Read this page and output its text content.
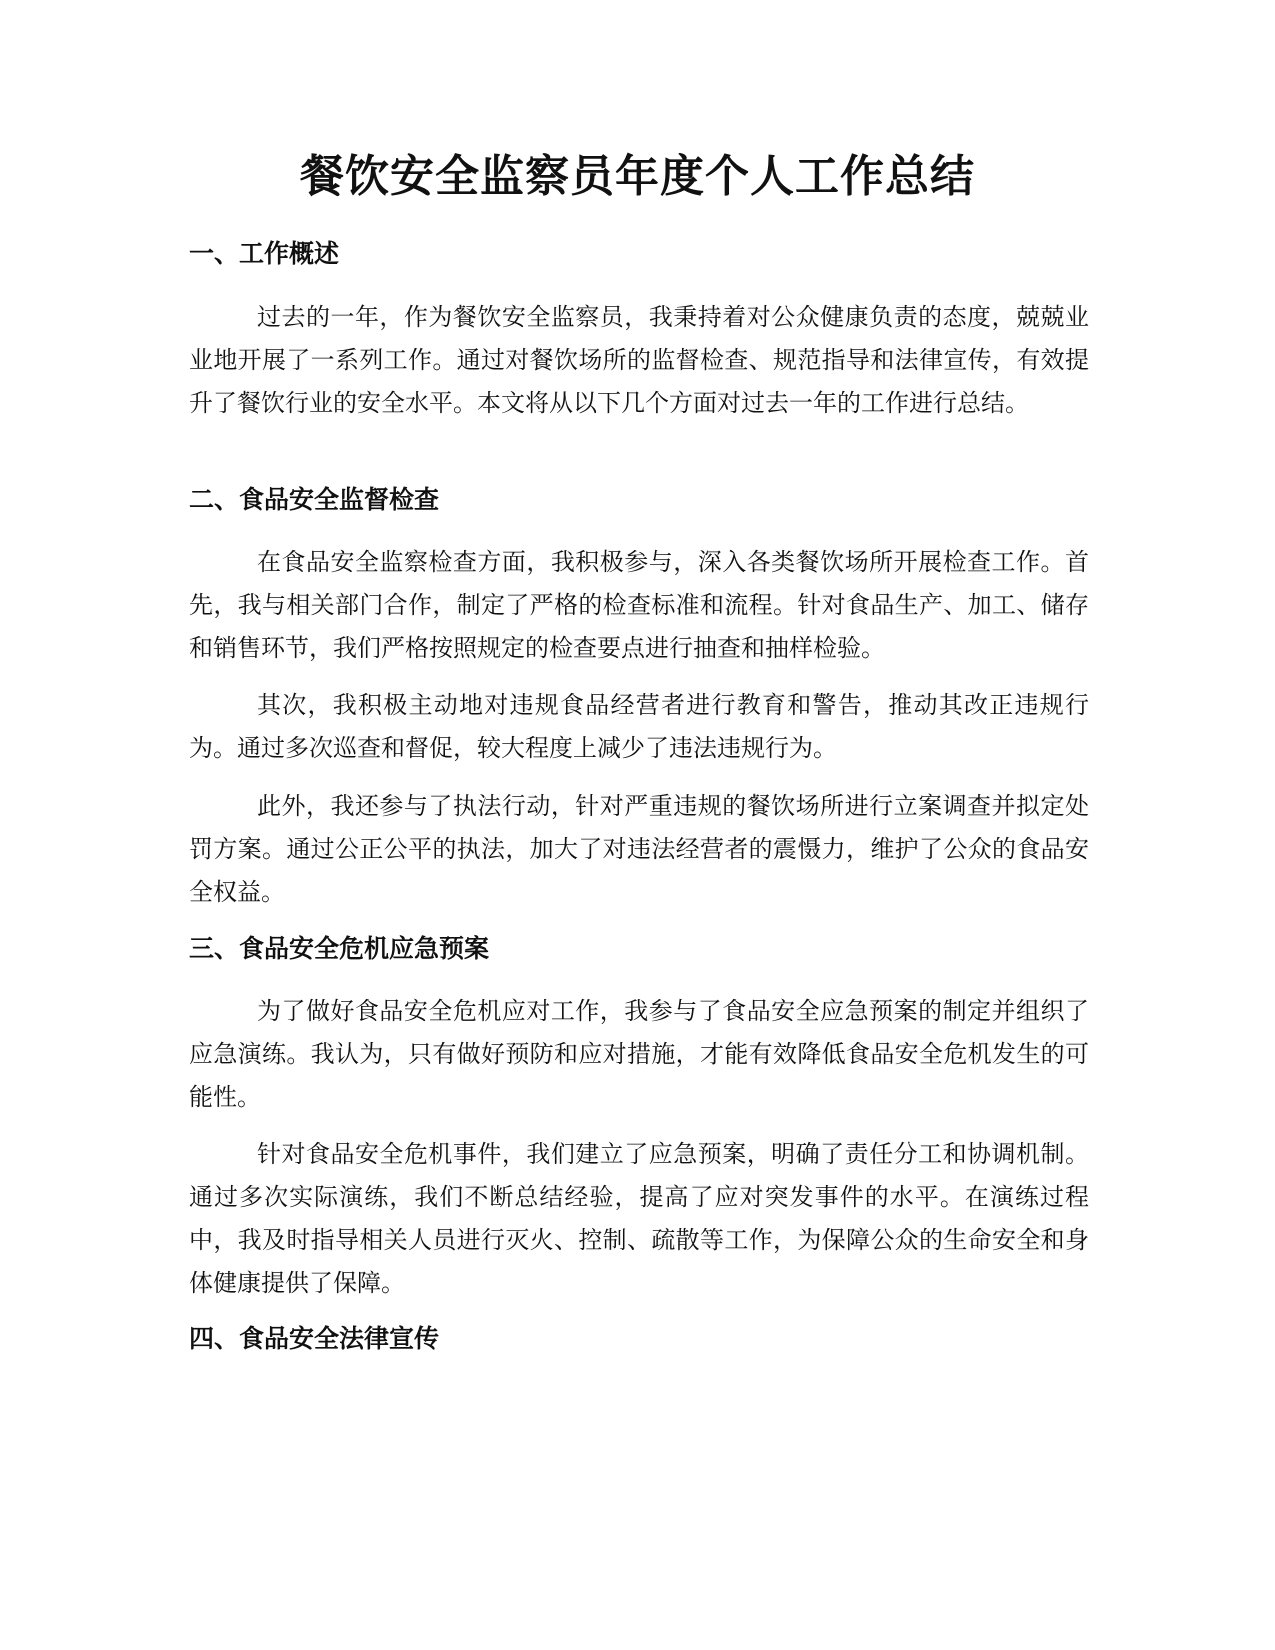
餐饮安全监察员年度个人工作总结
一、工作概述

过去的一年，作为餐饮安全监察员，我秉持着对公众健康负责的态度，兢兢业业地开展了一系列工作。通过对餐饮场所的监督检查、规范指导和法律宣传，有效提升了餐饮行业的安全水平。本文将从以下几个方面对过去一年的工作进行总结。

二、食品安全监督检查

在食品安全监察检查方面，我积极参与，深入各类餐饮场所开展检查工作。首先，我与相关部门合作，制定了严格的检查标准和流程。针对食品生产、加工、储存和销售环节，我们严格按照规定的检查要点进行抽查和抽样检验。

其次，我积极主动地对违规食品经营者进行教育和警告，推动其改正违规行为。通过多次巡查和督促，较大程度上减少了违法违规行为。

此外，我还参与了执法行动，针对严重违规的餐饮场所进行立案调查并拟定处罚方案。通过公正公平的执法，加大了对违法经营者的震慑力，维护了公众的食品安全权益。

三、食品安全危机应急预案

为了做好食品安全危机应对工作，我参与了食品安全应急预案的制定并组织了应急演练。我认为，只有做好预防和应对措施，才能有效降低食品安全危机发生的可能性。

针对食品安全危机事件，我们建立了应急预案，明确了责任分工和协调机制。通过多次实际演练，我们不断总结经验，提高了应对突发事件的水平。在演练过程中，我及时指导相关人员进行灭火、控制、疏散等工作，为保障公众的生命安全和身体健康提供了保障。

四、食品安全法律宣传
